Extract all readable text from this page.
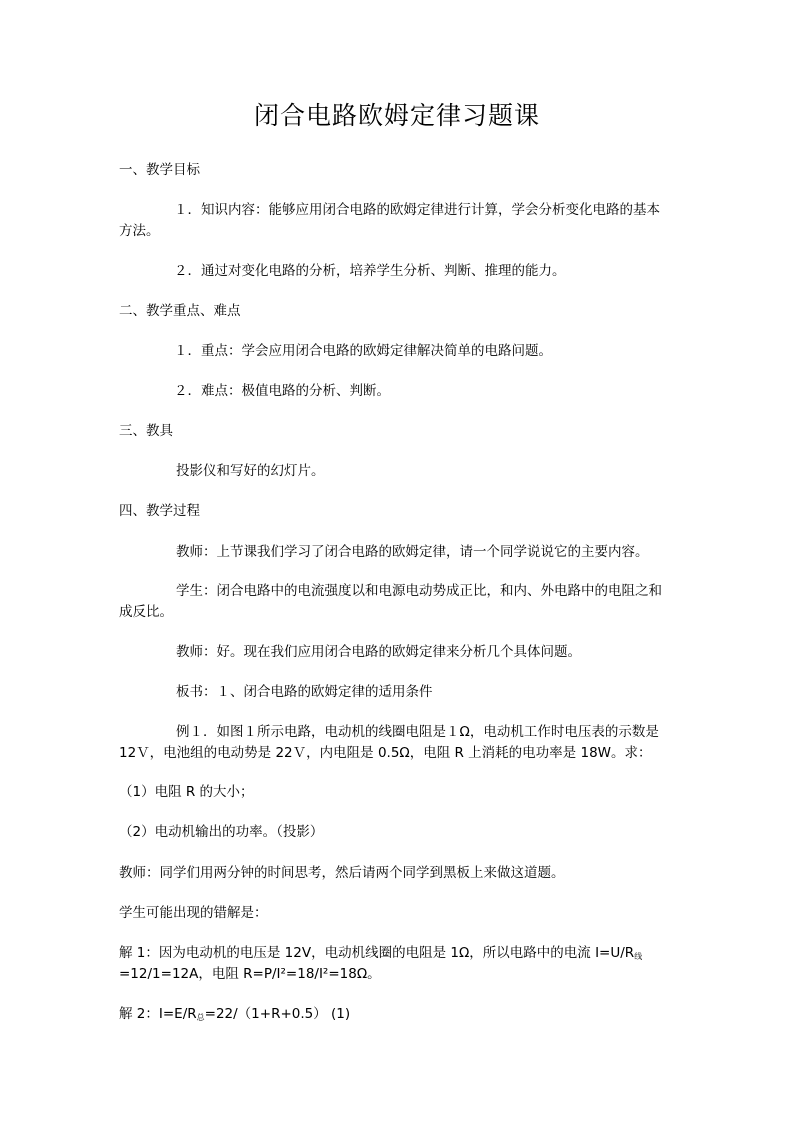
闭合电路欧姆定律习题课
一、教学目标
１．知识内容：能够应用闭合电路的欧姆定律进行计算，学会分析变化电路的基本
方法。
２．通过对变化电路的分析，培养学生分析、判断、推理的能力。
二、教学重点、难点
１．重点：学会应用闭合电路的欧姆定律解决简单的电路问题。
２．难点：极值电路的分析、判断。
三、教具
投影仪和写好的幻灯片。
四、教学过程
教师：上节课我们学习了闭合电路的欧姆定律，请一个同学说说它的主要内容。
学生：闭合电路中的电流强度以和电源电动势成正比，和内、外电路中的电阻之和
成反比。
教师：好。现在我们应用闭合电路的欧姆定律来分析几个具体问题。
板书：１、闭合电路的欧姆定律的适用条件
例１．如图１所示电路，电动机的线圈电阻是１Ω，电动机工作时电压表的示数是
12Ｖ，电池组的电动势是 22Ｖ，内电阻是 0.5Ω，电阻 R 上消耗的电功率是 18W。求：
（1）电阻 R 的大小；
（2）电动机输出的功率。（投影）
教师：同学们用两分钟的时间思考，然后请两个同学到黑板上来做这道题。
学生可能出现的错解是：
解 1：因为电动机的电压是 12V，电动机线圈的电阻是 1Ω，所以电路中的电流 $I=U/R_线$
=12/1=12A，电阻 R=P/I²=18/I²=18Ω。
解 2：$I=E/R_总=22/(1+R+0.5)$ (1)
